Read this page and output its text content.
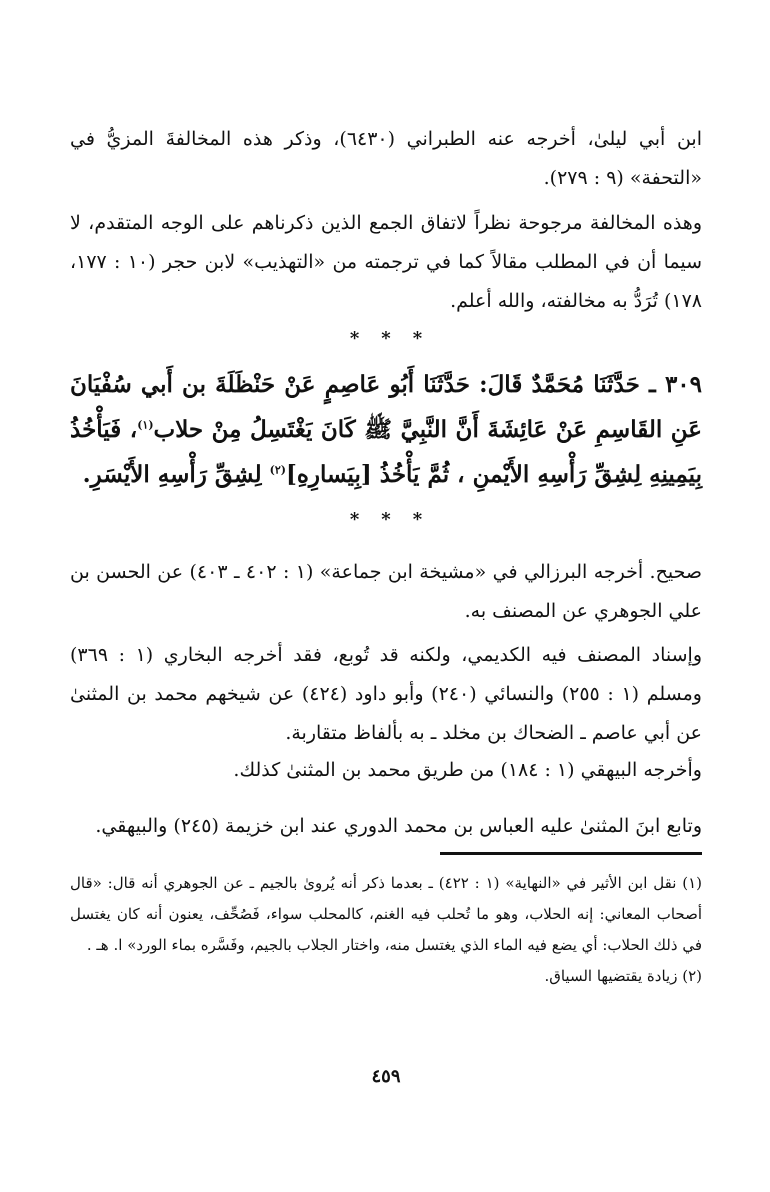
ابن أبي ليلىٰ، أخرجه عنه الطبراني (٦٤٣٠)، وذكر هذه المخالفةَ المزيُّ في «التحفة» (٩ : ٢٧٩).

وهذه المخالفة مرجوحة نظراً لاتفاق الجمع الذين ذكرناهم على الوجه المتقدم، لا سيما أن في المطلب مقالاً كما في ترجمته من «التهذيب» لابن حجر (١٠ : ١٧٧، ١٧٨) تُرَدُّ به مخالفته، والله أعلم.

***

٣٠٩ ـ حَدَّثَنَا مُحَمَّدٌ قَالَ: حَدَّثَنَا أَبُو عَاصِمٍ عَنْ حَنْظَلَةَ بن أَبي سُفْيَانَ عَنِ القَاسِمِ عَنْ عَائِشَةَ أَنَّ النَّبِيَّ ﷺ كَانَ يَغْتَسِلُ مِنْ حلاب$^{(١)}$، فَيَأْخُذُ بِيَمِينِهِ لِشِقِّ رَأْسِهِ الأَيْمنِ ، ثُمَّ يَأْخُذُ [بِيَسارِهِ]$^{(٢)}$ لِشِقِّ رَأْسِهِ الأَيْسَرِ.

***

صحيح. أخرجه البرزالي في «مشيخة ابن جماعة» (١ : ٤٠٢ ـ ٤٠٣) عن الحسن بن علي الجوهري عن المصنف به.

وإسناد المصنف فيه الكديمي، ولكنه قد تُوبع، فقد أخرجه البخاري (١ : ٣٦٩) ومسلم (١ : ٢٥٥) والنسائي (٢٤٠) وأبو داود (٤٢٤) عن شيخهم محمد بن المثنىٰ عن أبي عاصم ـ الضحاك بن مخلد ـ به بألفاظ متقاربة.

وأخرجه البيهقي (١ : ١٨٤) من طريق محمد بن المثنىٰ كذلك.

وتابع ابنَ المثنىٰ عليه العباس بن محمد الدوري عند ابن خزيمة (٢٤٥) والبيهقي.

(١) نقل ابن الأثير في «النهاية» (١ : ٤٢٢) ـ بعدما ذكر أنه يُروىٰ بالجيم ـ عن الجوهري أنه قال: «قال أصحاب المعاني: إنه الحلاب، وهو ما تُحلب فيه الغنم، كالمحلب سواء، فَصُحِّف، يعنون أنه كان يغتسل في ذلك الحلاب: أي يضع فيه الماء الذي يغتسل منه، واختار الجلاب بالجيم، وفَسَّره بماء الورد» ا. هـ .

(٢) زيادة يقتضيها السياق.

٤٥٩
